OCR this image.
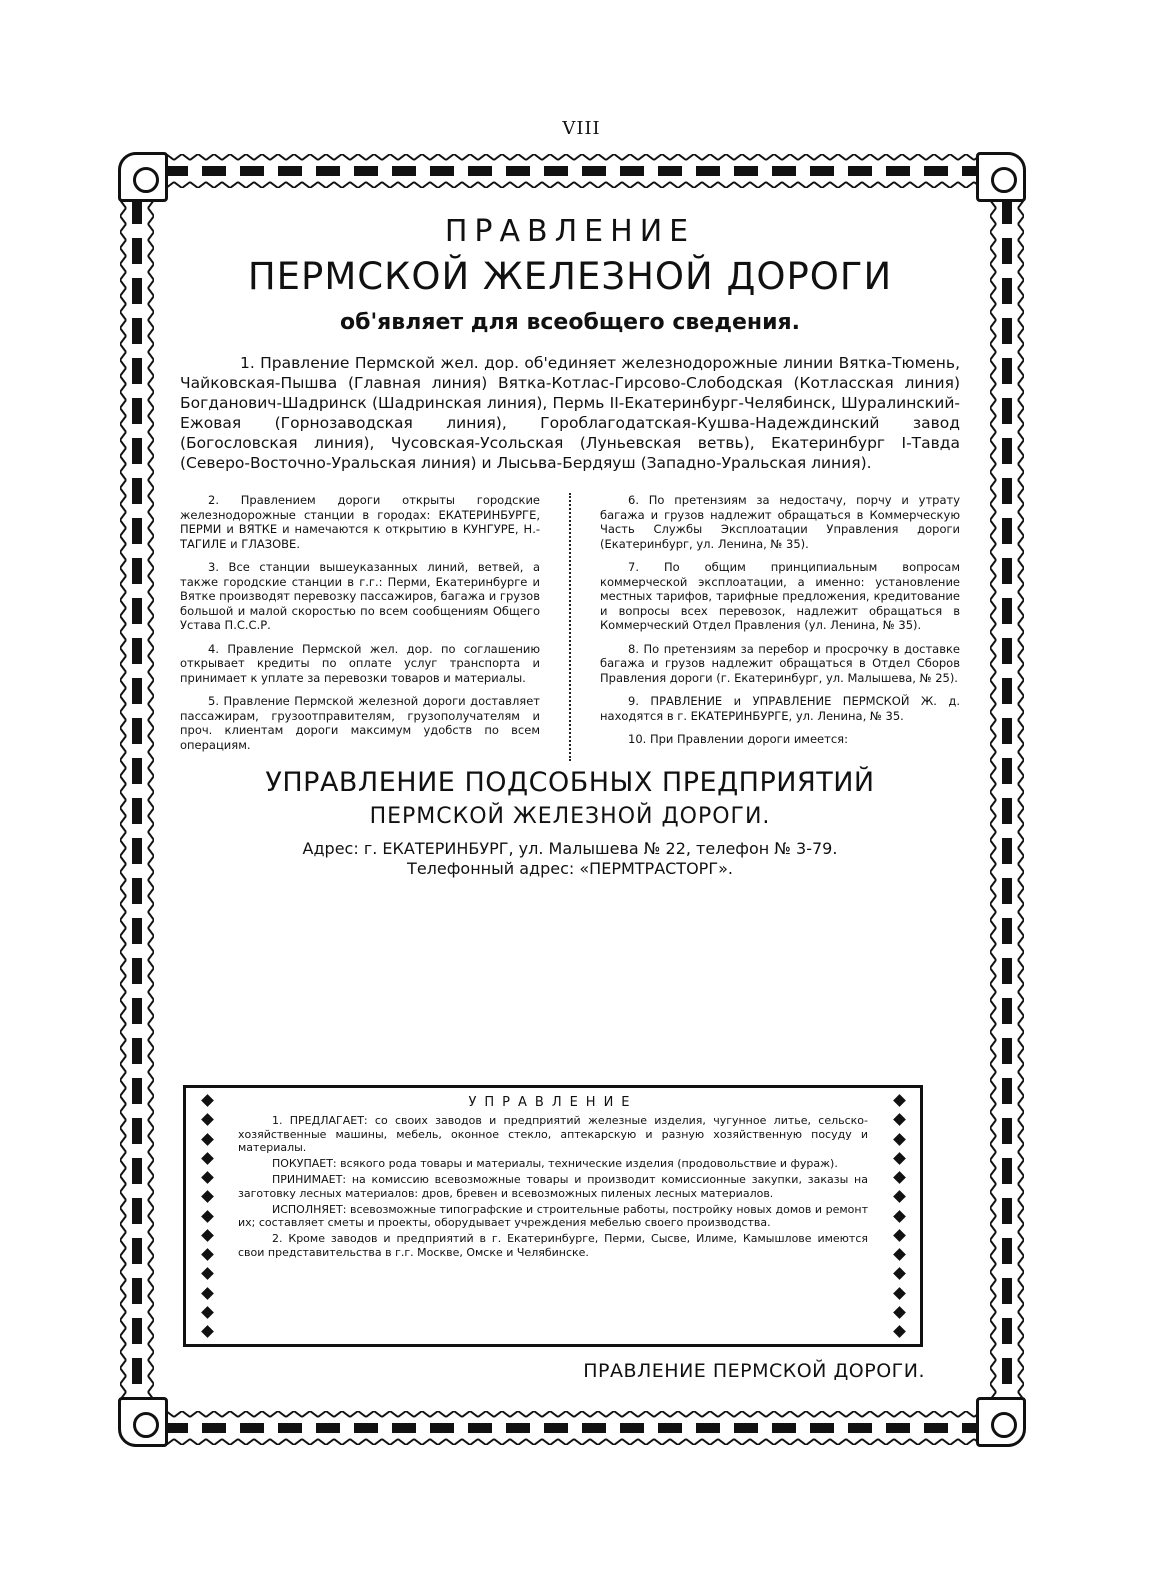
VIII
ПРАВЛЕНИЕ
ПЕРМСКОЙ ЖЕЛЕЗНОЙ ДОРОГИ
об'являет для всеобщего сведения.
1. Правление Пермской жел. дор. об'единяет железнодорожные линии Вятка-Тюмень, Чайковская-Пышва (Главная линия) Вятка-Котлас-Гирсово-Слободская (Котласская линия) Богданович-Шадринск (Шадринская линия), Пермь II-Екатеринбург-Челябинск, Шуралинский-Ежовая (Горнозаводская линия), Гороблагодатская-Кушва-Надеждинский завод (Богословская линия), Чусовская-Усольская (Луньевская ветвь), Екатеринбург I-Тавда (Северо-Восточно-Уральская линия) и Лысьва-Бердяуш (Западно-Уральская линия).

2. Правлением дороги открыты городские железнодорожные станции в городах: ЕКАТЕРИНБУРГЕ, ПЕРМИ и ВЯТКЕ и намечаются к открытию в КУНГУРЕ, Н.-ТАГИЛЕ и ГЛАЗОВЕ.

3. Все станции вышеуказанных линий, ветвей, а также городские станции в г.г.: Перми, Екатеринбурге и Вятке производят перевозку пассажиров, багажа и грузов большой и малой скоростью по всем сообщениям Общего Устава П.С.С.Р.

4. Правление Пермской жел. дор. по соглашению открывает кредиты по оплате услуг транспорта и принимает к уплате за перевозки товаров и материалы.

5. Правление Пермской железной дороги доставляет пассажирам, грузоотправителям, грузополучателям и проч. клиентам дороги максимум удобств по всем операциям.

6. По претензиям за недостачу, порчу и утрату багажа и грузов надлежит обращаться в Коммерческую Часть Службы Эксплоатации Управления дороги (Екатеринбург, ул. Ленина, № 35).

7. По общим принципиальным вопросам коммерческой эксплоатации, а именно: установление местных тарифов, тарифные предложения, кредитование и вопросы всех перевозок, надлежит обращаться в Коммерческий Отдел Правления (ул. Ленина, № 35).

8. По претензиям за перебор и просрочку в доставке багажа и грузов надлежит обращаться в Отдел Сборов Правления дороги (г. Екатеринбург, ул. Малышева, № 25).

9. ПРАВЛЕНИЕ и УПРАВЛЕНИЕ ПЕРМСКОЙ Ж. д. находятся в г. ЕКАТЕРИНБУРГЕ, ул. Ленина, № 35.

10. При Правлении дороги имеется:

УПРАВЛЕНИЕ ПОДСОБНЫХ ПРЕДПРИЯТИЙ
ПЕРМСКОЙ ЖЕЛЕЗНОЙ ДОРОГИ.
Адрес: г. ЕКАТЕРИНБУРГ, ул. Малышева № 22, телефон № 3-79.
Телефонный адрес: «ПЕРМТРАСТОРГ».
УПРАВЛЕНИЕ

1. ПРЕДЛАГАЕТ: со своих заводов и предприятий железные изделия, чугунное литье, сельско-хозяйственные машины, мебель, оконное стекло, аптекарскую и разную хозяйственную посуду и материалы.

ПОКУПАЕТ: всякого рода товары и материалы, технические изделия (продовольствие и фураж).

ПРИНИМАЕТ: на комиссию всевозможные товары и производит комиссионные закупки, заказы на заготовку лесных материалов: дров, бревен и всевозможных пиленых лесных материалов.

ИСПОЛНЯЕТ: всевозможные типографские и строительные работы, постройку новых домов и ремонт их; составляет сметы и проекты, оборудывает учреждения мебелью своего производства.

2. Кроме заводов и предприятий в г. Екатеринбурге, Перми, Сысве, Илиме, Камышлове имеются свои представительства в г.г. Москве, Омске и Челябинске.

ПРАВЛЕНИЕ ПЕРМСКОЙ ДОРОГИ.
